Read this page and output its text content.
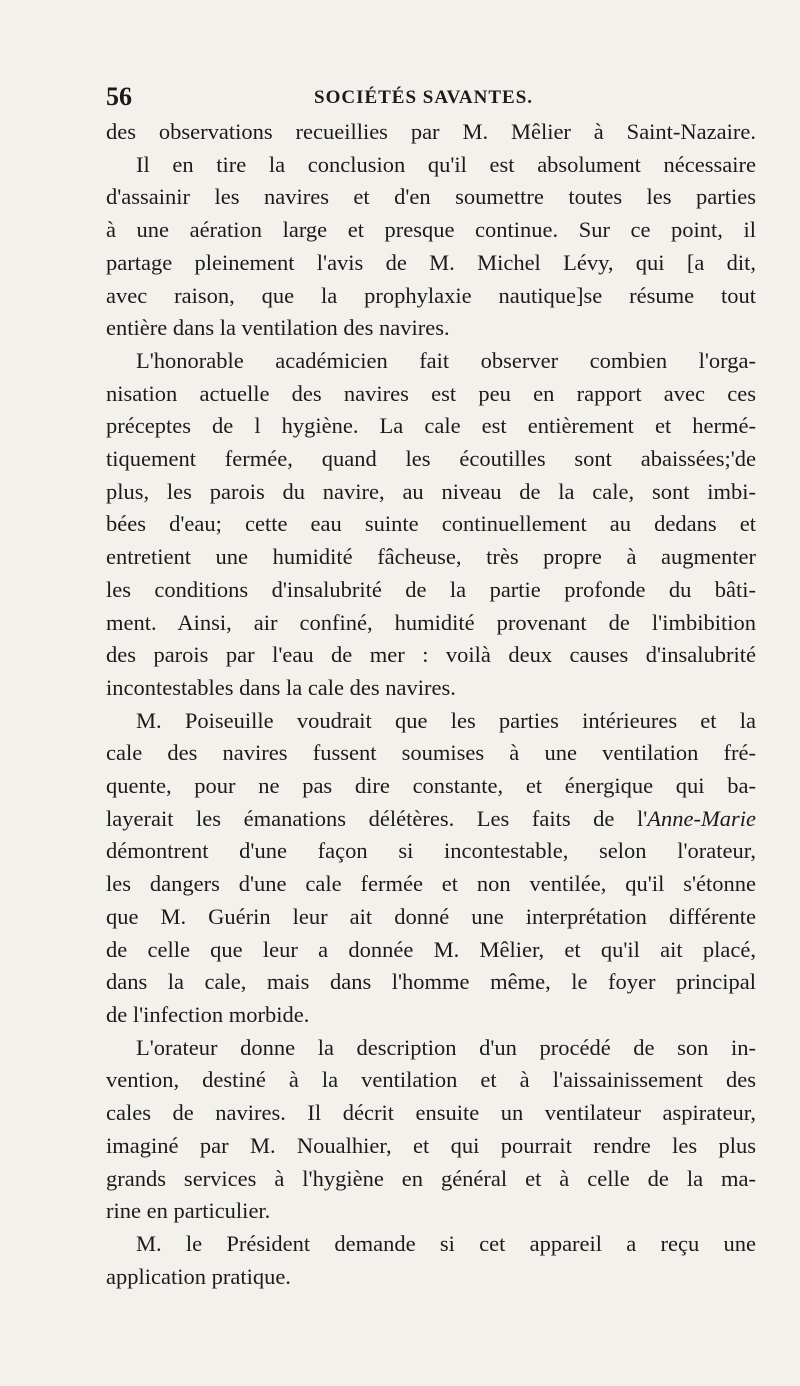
56	SOCIÉTÉS SAVANTES.
des observations recueillies par M. Mêlier à Saint-Nazaire.
Il en tire la conclusion qu'il est absolument nécessaire
d'assainir les navires et d'en soumettre toutes les parties
à une aération large et presque continue. Sur ce point, il
partage pleinement l'avis de M. Michel Lévy, qui [a dit,
avec raison, que la prophylaxie nautique]se résume tout
entière dans la ventilation des navires.
L'honorable académicien fait observer combien l'orga-
nisation actuelle des navires est peu en rapport avec ces
préceptes de l hygiène. La cale est entièrement et hermé-
tiquement fermée, quand les écoutilles sont abaissées;'de
plus, les parois du navire, au niveau de la cale, sont imbi-
bées d'eau; cette eau suinte continuellement au dedans et
entretient une humidité fâcheuse, très propre à augmenter
les conditions d'insalubrité de la partie profonde du bâti-
ment. Ainsi, air confiné, humidité provenant de l'imbibition
des parois par l'eau de mer : voilà deux causes d'insalubrité
incontestables dans la cale des navires.
M. Poiseuille voudrait que les parties intérieures et la
cale des navires fussent soumises à une ventilation fré-
quente, pour ne pas dire constante, et énergique qui ba-
layerait les émanations délétères. Les faits de l'Anne-Marie
démontrent d'une façon si incontestable, selon l'orateur,
les dangers d'une cale fermée et non ventilée, qu'il s'étonne
que M. Guérin leur ait donné une interprétation différente
de celle que leur a donnée M. Mêlier, et qu'il ait placé,
dans la cale, mais dans l'homme même, le foyer principal
de l'infection morbide.
L'orateur donne la description d'un procédé de son in-
vention, destiné à la ventilation et à l'aissainissement des
cales de navires. Il décrit ensuite un ventilateur aspirateur,
imaginé par M. Noualhier, et qui pourrait rendre les plus
grands services à l'hygiène en général et à celle de la ma-
rine en particulier.
M. le Président demande si cet appareil a reçu une
application pratique.
